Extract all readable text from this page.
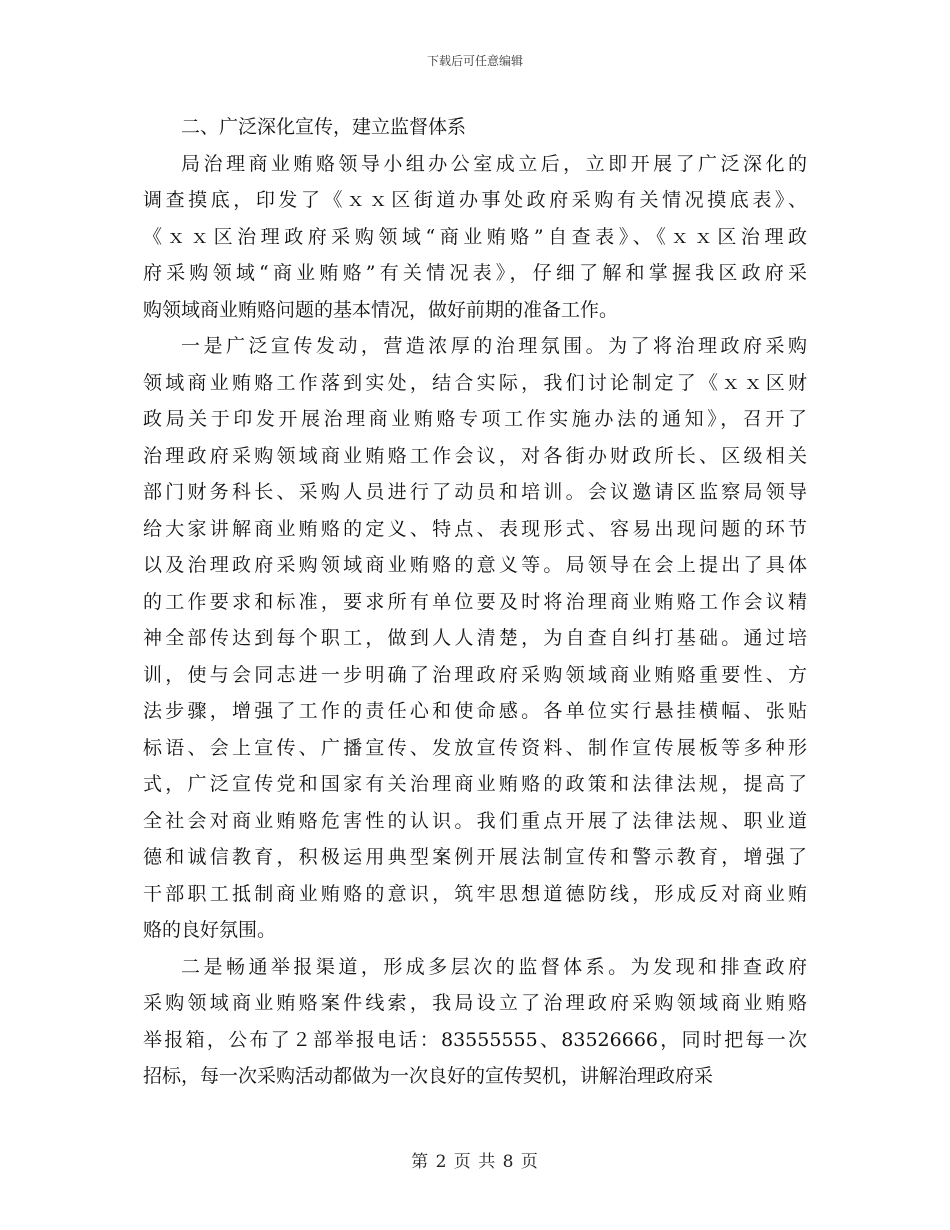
下载后可任意编辑
二、广泛深化宣传，建立监督体系

局治理商业贿赂领导小组办公室成立后，立即开展了广泛深化的
调查摸底，印发了《ｘｘ区街道办事处政府采购有关情况摸底表》、
《ｘｘ区治理政府采购领域“商业贿赂”自查表》、《ｘｘ区治理政
府采购领域“商业贿赂”有关情况表》，仔细了解和掌握我区政府采
购领域商业贿赂问题的基本情况，做好前期的准备工作。

一是广泛宣传发动，营造浓厚的治理氛围。为了将治理政府采购
领域商业贿赂工作落到实处，结合实际，我们讨论制定了《ｘｘ区财
政局关于印发开展治理商业贿赂专项工作实施办法的通知》，召开了
治理政府采购领域商业贿赂工作会议，对各街办财政所长、区级相关
部门财务科长、采购人员进行了动员和培训。会议邀请区监察局领导
给大家讲解商业贿赂的定义、特点、表现形式、容易出现问题的环节
以及治理政府采购领域商业贿赂的意义等。局领导在会上提出了具体
的工作要求和标准，要求所有单位要及时将治理商业贿赂工作会议精
神全部传达到每个职工，做到人人清楚，为自查自纠打基础。通过培
训，使与会同志进一步明确了治理政府采购领域商业贿赂重要性、方
法步骤，增强了工作的责任心和使命感。各单位实行悬挂横幅、张贴
标语、会上宣传、广播宣传、发放宣传资料、制作宣传展板等多种形
式，广泛宣传党和国家有关治理商业贿赂的政策和法律法规，提高了
全社会对商业贿赂危害性的认识。我们重点开展了法律法规、职业道
德和诚信教育，积极运用典型案例开展法制宣传和警示教育，增强了
干部职工抵制商业贿赂的意识，筑牢思想道德防线，形成反对商业贿
赂的良好氛围。

二是畅通举报渠道，形成多层次的监督体系。为发现和排查政府
采购领域商业贿赂案件线索，我局设立了治理政府采购领域商业贿赂
举报箱，公布了２部举报电话：83555555、83526666，同时把每一次
招标，每一次采购活动都做为一次良好的宣传契机，讲解治理政府采

第 2 页 共 8 页
